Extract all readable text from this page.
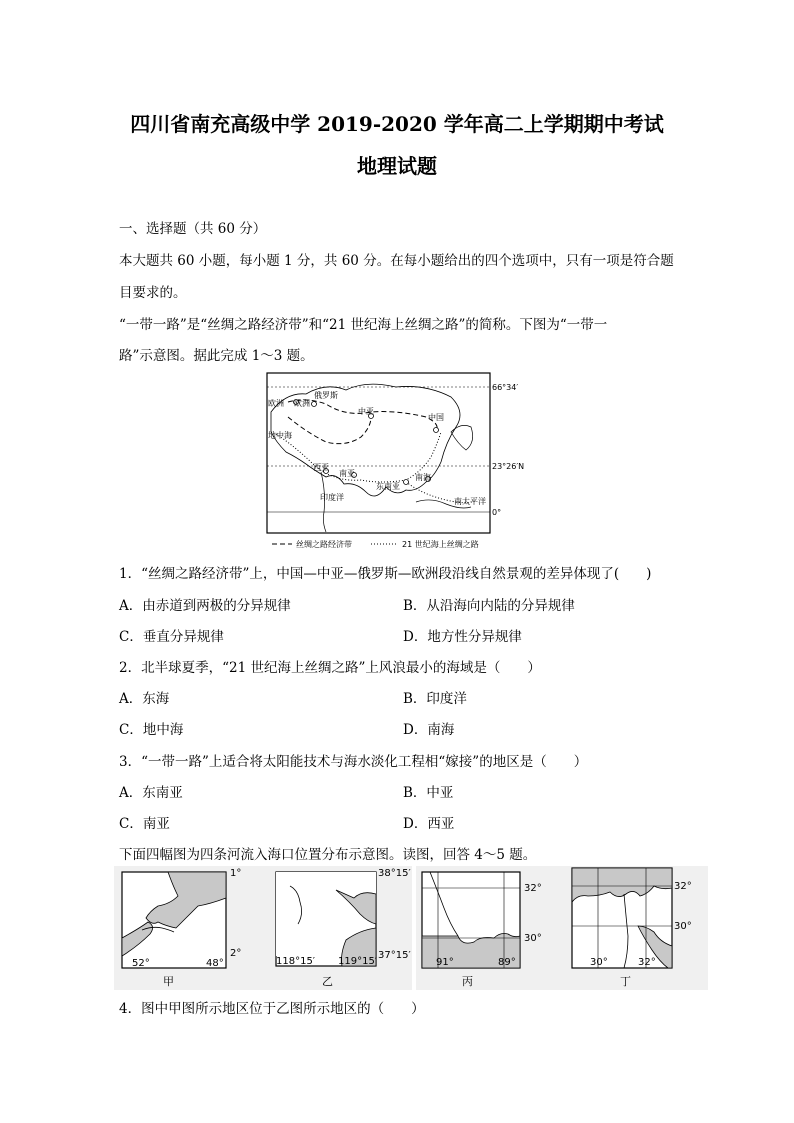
四川省南充高级中学 2019-2020 学年高二上学期期中考试
地理试题
一、选择题（共 60 分）
本大题共 60 小题，每小题 1 分，共 60 分。在每小题给出的四个选项中，只有一项是符合题
目要求的。
“一带一路”是“丝绸之路经济带”和“21 世纪海上丝绸之路”的简称。下图为“一带一
路”示意图。据此完成 1～3 题。
66°34′
23°26′N
0°
俄罗斯
欧洲 欧洲
中亚
中国
地中海
西亚
南亚
东南亚
南海
印度洋	南太平洋
丝绸之路经济带	21 世纪海上丝绸之路
1．“丝绸之路经济带”上，中国—中亚—俄罗斯—欧洲段沿线自然景观的差异体现了(　　)
A．由赤道到两极的分异规律	B．从沿海向内陆的分异规律
C．垂直分异规律	D．地方性分异规律
2．北半球夏季，“21 世纪海上丝绸之路”上风浪最小的海域是（　　）
A．东海	B．印度洋
C．地中海	D．南海
3．“一带一路”上适合将太阳能技术与海水淡化工程相“嫁接”的地区是（　　）
A．东南亚	B．中亚
C．南亚	D．西亚
下面四幅图为四条河流入海口位置分布示意图。读图，回答 4～5 题。
1°
2°
52°	48°
甲
38°15′
37°15′
118°15′ 119°15′
乙
32°
30°
91°	89°
丙
32°
30°
30°	32°
丁
4．图中甲图所示地区位于乙图所示地区的（　　）
